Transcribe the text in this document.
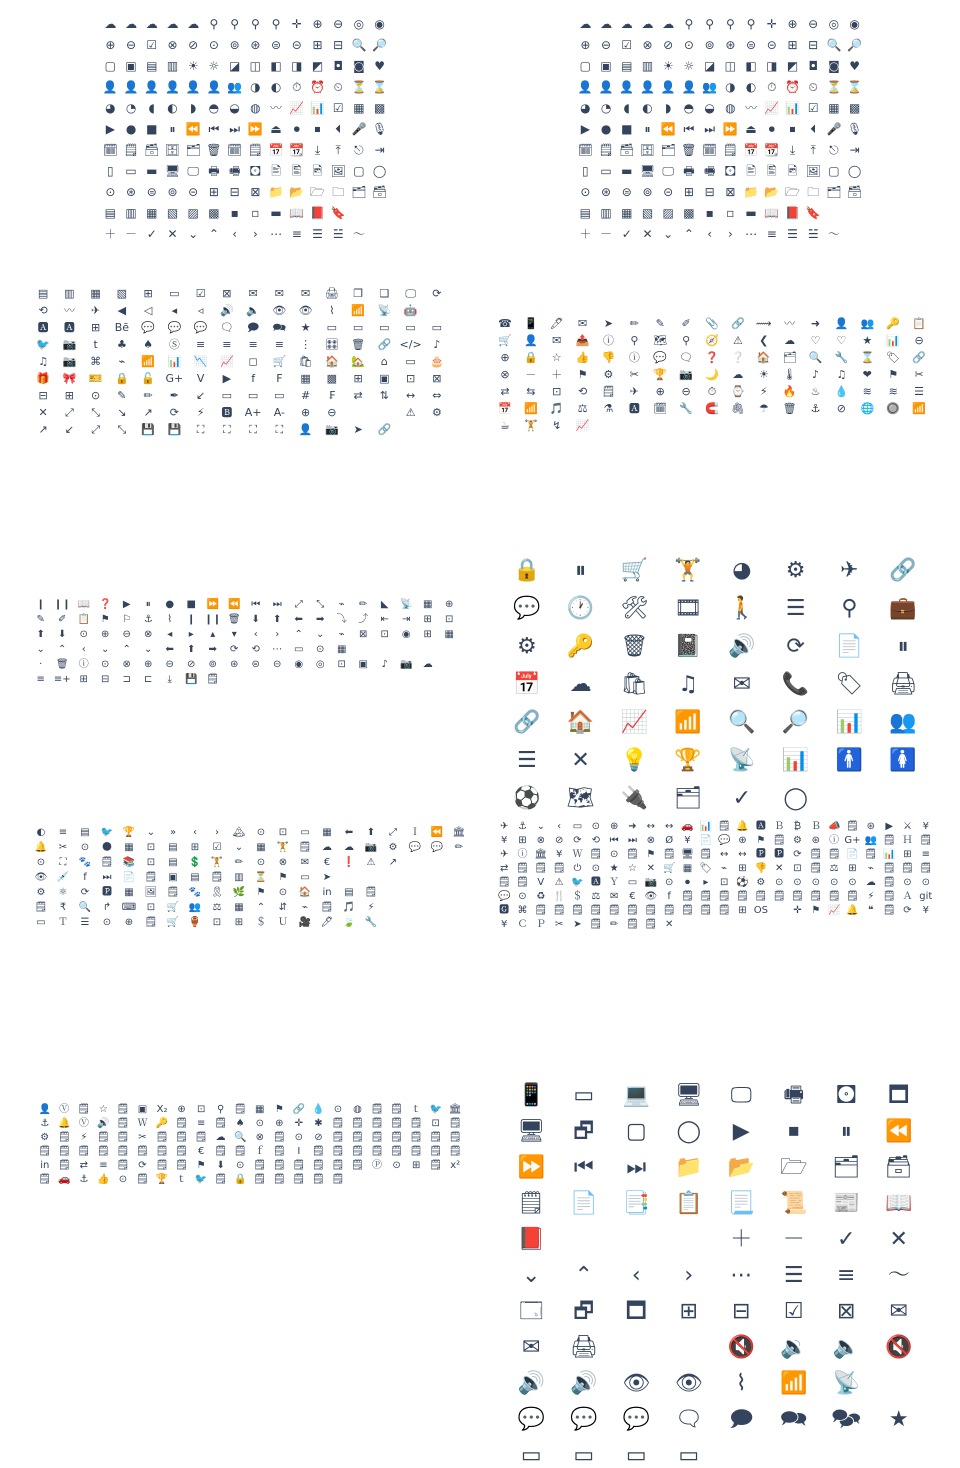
☁ ☁ ☁ ☁ ☁ ⚲ ⚲ ⚲ ⚲ ✛ ⊕ ⊖ ◎ ◉
⊕ ⊖ ☑ ⊗ ⊘ ⊙ ⊚ ⊛ ⊜ ⊝ ⊞ ⊟ 🔍 🔎
▢ ▣ ▤ ▥ ☀ ☼ ◪ ◫ ◧ ◨ ◩ ◘ ◙ ♥
👤 👤 👤 👤 👤 👤 👥 ◑ ◐ ⏱ ⏰ ⏲ ⏳ ⌛
◕ ◔ ◖ ◐ ◗ ◓ ◒ ◍ 〰 📈 📊 ☑ ▦ ▩
▶ ● ■ ⏸ ⏪ ⏮ ⏭ ⏩ ⏏ ⏺ ⏹ ⏴ 🎤 🎙
🗓 🗒 🗃 🗄 🗂 🗑 🗓 🗒 📅 📆 ⤓ ⤒ ⎋ ⇥
▯ ▭ ▬ 🖥 🖵 🖶 🖷 🖸 🖹 🖺 🖻 🖼 ▢ ◯
⊙ ⊛ ⊜ ⊚ ⊝ ⊞ ⊟ ⊠ 📁 📂 🗁 🗀 🗂 🗃
▤ ▥ ▦ ▧ ▨ ▩ ▪ ▫ ▬ 📖 📕 🔖
＋ － ✓ ✕ ⌄ ⌃ ‹ › ⋯ ≡ ☰ ☱ 〜
☁ ☁ ☁ ☁ ☁ ⚲ ⚲ ⚲ ⚲ ✛ ⊕ ⊖ ◎ ◉
⊕ ⊖ ☑ ⊗ ⊘ ⊙ ⊚ ⊛ ⊜ ⊝ ⊞ ⊟ 🔍 🔎
▢ ▣ ▤ ▥ ☀ ☼ ◪ ◫ ◧ ◨ ◩ ◘ ◙ ♥
👤 👤 👤 👤 👤 👤 👥 ◑ ◐ ⏱ ⏰ ⏲ ⏳ ⌛
◕ ◔ ◖ ◐ ◗ ◓ ◒ ◍ 〰 📈 📊 ☑ ▦ ▩
▶ ● ■ ⏸ ⏪ ⏮ ⏭ ⏩ ⏏ ⏺ ⏹ ⏴ 🎤 🎙
🗓 🗒 🗃 🗄 🗂 🗑 🗓 🗒 📅 📆 ⤓ ⤒ ⎋ ⇥
▯ ▭ ▬ 🖥 🖵 🖶 🖷 🖸 🖹 🖺 🖻 🖼 ▢ ◯
⊙ ⊛ ⊜ ⊚ ⊝ ⊞ ⊟ ⊠ 📁 📂 🗁 🗀 🗂 🗃
▤ ▥ ▦ ▧ ▨ ▩ ▪ ▫ ▬ 📖 📕 🔖
＋ － ✓ ✕ ⌄ ⌃ ‹ › ⋯ ≡ ☰ ☱ 〜
▤ ▥ ▦ ▧ ⊞ ▭ ☑ ⊠ ✉ ✉ ✉ 🖨 ❐ ❑ 🖵 ⟳
⟲ 〰 ✈ ◀ ◁ ◂ ◃ 🔊 🔈 👁 👁 ⌇ 📶 📡 🤖
🅰 🅰 ⊞ Bē 💬 💬 💬 🗨 🗩 🗪 ★ ▭ ▭ ▭ ▭ ▭
🐦 📷 t ♣ ♠ Ⓢ ≡ ≡ ≡ ≡ ⋮ 🎛 🗑 🔗 </> ♪
♫ 📷 ⌘ ⌁ 📶 📊 📉 📈 ◻ 🛒 🛍 🏠 🏡 ⌂ ▭ 🎂
🎁 🎀 🎫 🔒 🔓 G+ Ⅴ ▶ f F ▦ ▩ ⊞ ▣ ⊡ ⊠
⊟ ⊞ ⊙ ✎ ✏ ✒ ↙ ▭ ▭ ▭ # ₣ ⇄ ⇅ ↔ ⇔
✕ ⤢ ⤡ ↘ ↗ ⟳ ⚡ 🅱 A+ A- ⊕ ⊖	⚠ ⚙
↗ ↙ ⤢ ⤡ 💾 💾 ⛶ ⛶ ⛶ ⛶ 👤 📷 ➤ 🔗
☎ 📱 🖊 ✉ ➤ ✏ ✎ ✐ 📎 🔗 ⟿ 〰 ➜ 👤 👥 🔑 📋
🛒 👤 ✉ 📤 ⓘ ⚲ 🗺 ⚲ 🧭 ⚠ ❮ ☁ ♡ ♡ ★ 📊 ⊖
⊕ 🔒 ☆ 👍 👎 ⓘ 💬 🗨 ❓ ❔ 🏠 🗂 🔍 🔧 ⌛ 🏷 🔗
⊗ － ＋ ⚑ ⚙ ✂ 🏆 📷 🌙 ☁ ☀ 🌡 ♪ ♫ ❤ ⚑ ✂
⇄ ⇆ ⊡ ⟲ 🗒 ✈ ⊕ ⊖ ⏱ ⌚ ⚡ 🔥 ♨ 💧 ≋ ≋ ☰
📅 📶 🎵 ⚖ ⚗ 🅰 🗓 🔧 🧲 🖇 ☂ 🗑 ⚓ ⊘ 🌐 🔘 📶
☕ 🏋 ↯ 📈
❙ ❙❙ 📖 ❓ ▶ ⏸ ● ■ ⏩ ⏪ ⏮ ⏭ ⤢ ⤡ ⌁ ✏ ◣ 📡 ▦ ⊕
✎ ✐ 📋 ⚑ ⚐ ⚓ ⌇ ❙ ❙❙ 🗑 ⬇ ⬆ ⬅ ➡ ⤵ ⤴ ⇤ ⇥ ⊞ ⊡
⬆ ⬇ ⊙ ⊕ ⊖ ⊗ ◂ ▸ ▴ ▾ ‹ › ⌃ ⌄ ⌁ ⊠ ⊡ ◉ ⊞ ▦
⌄ ⌃ ‹ ⌄ ⌃ ⌄ ⬅ ⬆ ➡ ⟳ ⟲ ⋯ ▭ ⊙ ▦
· 🗑 ⓘ ⊙ ⊗ ⊕ ⊖ ⊘ ⊚ ⊛ ⊜ ⊝ ◉ ◎ ⊡ ▣ ♪ 📷 ☁
≡ ≡+ ⊞ ⊟ ⊐ ⊏ ⤓ 💾 🗒
🔒 ⏸ 🛒 🏋 ◕ ⚙ ✈ 🔗
💬 🕐 🛠 🎞 🚶 ☰ ⚲ 💼
⚙ 🔑 🗑 📓 🔊 ⟳ 📄 ⏸
📅 ☁ 🛍 ♫ ✉ 📞 🏷 🖨
🔗 🏠 📈 📶 🔍 🔎 📊 👥
☰ ✕ 💡 🏆 📡 📊 🚹 🚺
⚽ 🗺 🔌 🗂 ✓ ◯
◐ ≡ ▤ 🐦 🏆 ⌄ » ‹ › 🏔 ⊙ ⊡ ▭ ▦ ⬅ ⬆ ⤢ Ｉ ⏪ 🏛
🔔 ✂ ⊙ 🌑 ▦ ⊡ ▤ ⊞ ☑ ⌄ ▦ 🏋 🗒 ☁ ☁ 📷 ⚙ 💬 💬 ✏
⊙ ⛶ 🐾 🗒 📚 ⊡ ▤ 💲 🏋 ✏ ⊙ ⊗ ✉ € ❗ ⚠ ↗
👁 💉 f ⏭ 📄 🗒 ▣ ▤ 🗒 ▥ ⏳ ⚑ ▭ ➤
⚙ ⚛ ⟳ 🅿 ▦ 🖼 🗒 🐾 🎗 🌿 ⚑ ⊙ 🏠 in ▤ 🗒
🗒 ₹ 🔍 ↱ ⌨ ⊡ 🛒 👥 ⚖ ▦ ⌃ ⇵ ⌁ 🗒 🎵 ⚡
▭ Ｔ ☰ ⊙ ⊕ 🗒 🛒 🏺 ⊡ ⊞ ＄ Ｕ 🎥 🖊 🍃 🔧
✈ ⚓ ⌄ ‹ ▭ ⊙ ⊕ ➜ ↔ ↔ 🚗 📊 🗒 🔔 🅰 Ｂ ₿ Ｂ 📣 🗒 ⊛ ▶ ⚔ ¥
¥ ⊞ ⊗ ⊘ ⟳ ⟲ ⏮ ⏭ ⊗ Ø ¥ 📄 💬 ⊕ ⚑ 🗒 ⚙ ⊛ ⓘ G+ 👥 🗒 Ｈ 🗒
✈ ⓘ 🏛 ¥ Ｗ 🗒 ⊙ 🗒 ⚑ 🗒 🖥 🗒 ↔ ↔ 🅿 🅿 ⟳ 🗒 🗒 📄 🗒 📊 ⊞ ≡
⇄ 🗒 🗒 🗒 ⏻ ⊙ ★ ☆ ✕ 🛒 ▦ 🏷 ⌁ ⊞ 👎 ✕ ⊡ 🗒 ⚖ ⊞ ⌁ 🗒 🗒 🗒
🗒 🗒 Ⅴ ⚠ 🐦 🅰 Ｙ ▭ 📷 ⊙ ⏺ ▸ ⊡ ⚽ ⚙ ⊙ ⊙ ⊙ ⊙ ⊙ ☁ 🗒 ⊙ ⊙
💬 ⊙ ♻ 🍴 ＄ ⚖ ✉ € 👁 f 🗒 🗒 🗒 🗒 🗒 🗒 🗒 🗒 🗒 🗒 ⚡ 🗒 Ａ git
🅶 ⌘ 🗒 🗒 🗒 🗒 🗒 🗒 🗒 🗒 🗒 🗒 🗒 ⊞ OS	✛ ⚑ 📈 🔔 ❝ 🗒 ⟳ ¥
¥ Ｃ Ｐ ✂ ➤ 🗒 ✏ 🗒 🗒 ✕
👤 Ⓥ 🗒 ☆ 🗒 ▣ X₂ ⊕ ⊡ ⚲ 🗒 ▦ ⚑ 🔗 💧 ⊙ ◍ 🗒 🗒 ｔ 🐦 🏛
⚓ 🔔 Ⓥ 🔊 🗒 Ｗ 🔑 🗒 ≡ 🗒 ♠ ⊙ ⊕ ✛ ✱ 🗒 🗒 🗒 🗒 🗒 ⊡ 🗒
⚙ 🗒 ⚡ 🗒 🗒 ✂ 🗒 🗒 🗒 ☁ 🔍 ⊗ 🗒 ⊙ ⊘ 🗒 🗒 🗒 🗒 🗒 🗒 🗒
🗒 🗒 🗒 🗒 🗒 🗒 🗒 🗒 € 🗒 🗒 ｆ 🗒 Ⅰ 🗒 🗒 🗒 🗒 🗒 🗒 🗒 🗒
in 🗒 ⇄ ≡ 🗒 ⟳ 🗒 🗒 ⚑ ⬇ ⊙ 🗒 🗒 🗒 🗒 🗒 🗒 Ⓟ ⊙ ⊞ 🗒 x²
🗒 🚗 ⚓ 👍 ⊙ 🗒 🏆 ｔ 🐦 🗒 🔒 🗒 🗒 🗒 🗒 🗒
📱 ▭ 💻 🖥 🖵 🖷 🖸 🗖
🖥 🗗 ▢ ◯ ▶ ⏹ ⏸ ⏪
⏩ ⏮ ⏭ 📁 📂 🗁 🗂 🗃
🗒 📄 📑 📋 📃 📜 📰 📖
📕	＋ － ✓ ✕
⌄ ⌃ ‹ › ⋯ ☰ ≡ 〜
🗔 🗗 🗖 ⊞ ⊟ ☑ ⊠ ✉
✉ 🖨	🔇 🔉 🔈 🔇
🔊 🔊 👁 👁 ⌇ 📶 📡
💬 💬 💬 🗨 🗩 🗪 🗫 ★
▭ ▭ ▭ ▭
